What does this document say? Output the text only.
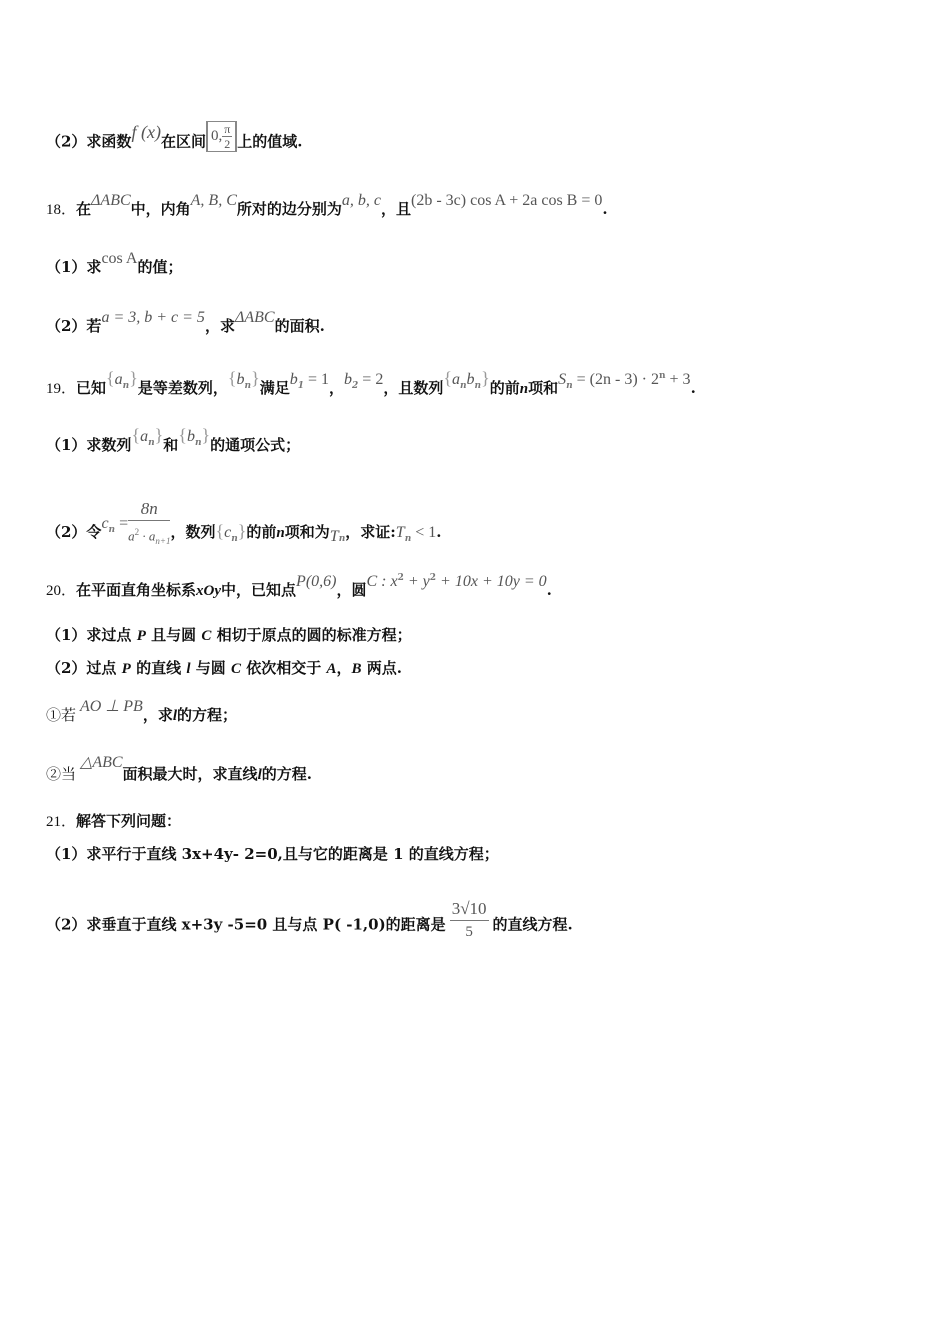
（2）求函数f (x)在区间 0, $\frac{\pi}{2}$ 上的值域.
18．在ΔABC中，内角A, B, C所对的边分别为a, b, c，且(2b - 3c) cos A + 2a cos B = 0.
（1）求cos A的值；
（2）若a = 3, b + c = 5，求ΔABC的面积.
19．已知$\{a_n\}$是等差数列，$\{b_n\}$满足$b_1 = 1$，$b_2 = 2$，且数列$\{a_nb_n\}$的前n项和$S_n = (2n - 3) \cdot 2^n + 3$.
（1）求数列$\{a_n\}$和$\{b_n\}$的通项公式；
（2）令$c_n = \frac{8n}{a^2 \cdot a_{n+1}}$ ，数列$\{c_n\}$的前n项和为$T_n$，求证$:T_n < 1$.
20．在平面直角坐标系xOy中，已知点P(0,6)，圆C : $x^2 + y^2 + 10x + 10y = 0$.
（1）求过点 P 且与圆 C 相切于原点的圆的标准方程；
（2）过点 P 的直线 l 与圆 C 依次相交于 A，B 两点.
①若 AO ⊥ PB，求l的方程；
②当△ABC面积最大时，求直线l的方程.
21．解答下列问题：
（1）求平行于直线 3x+4y- 2=0,且与它的距离是 1 的直线方程；
（2）求垂直于直线 x+3y -5=0 且与点 P( -1,0)的距离是 $\frac{3√10}{5}$ 的直线方程.
